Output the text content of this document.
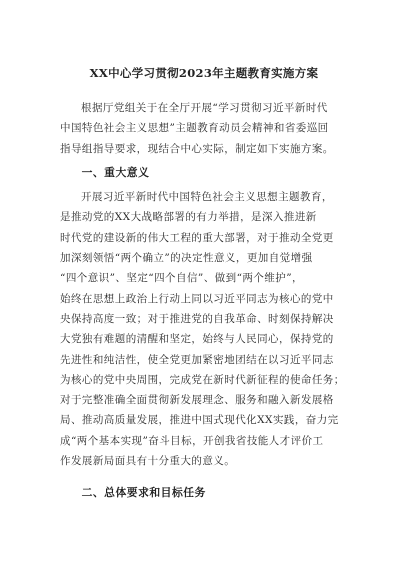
XX中心学习贯彻2023年主题教育实施方案
根据厅党组关于在全厅开展“学习贯彻习近平新时代
中国特色社会主义思想”主题教育动员会精神和省委巡回
指导组指导要求，现结合中心实际，制定如下实施方案。
一、重大意义
开展习近平新时代中国特色社会主义思想主题教育，
是推动党的XX大战略部署的有力举措，是深入推进新
时代党的建设新的伟大工程的重大部署，对于推动全党更
加深刻领悟“两个确立”的决定性意义，更加自觉增强
“四个意识”、坚定“四个自信”、做到“两个维护”，
始终在思想上政治上行动上同以习近平同志为核心的党中
央保持高度一致；对于推进党的自我革命、时刻保持解决
大党独有难题的清醒和坚定，始终与人民同心，保持党的
先进性和纯洁性，使全党更加紧密地团结在以习近平同志
为核心的党中央周围，完成党在新时代新征程的使命任务；
对于完整准确全面贯彻新发展理念、服务和融入新发展格
局、推动高质量发展，推进中国式现代化XX实践，奋力完
成“两个基本实现”奋斗目标，开创我省技能人才评价工
作发展新局面具有十分重大的意义。
二、总体要求和目标任务
